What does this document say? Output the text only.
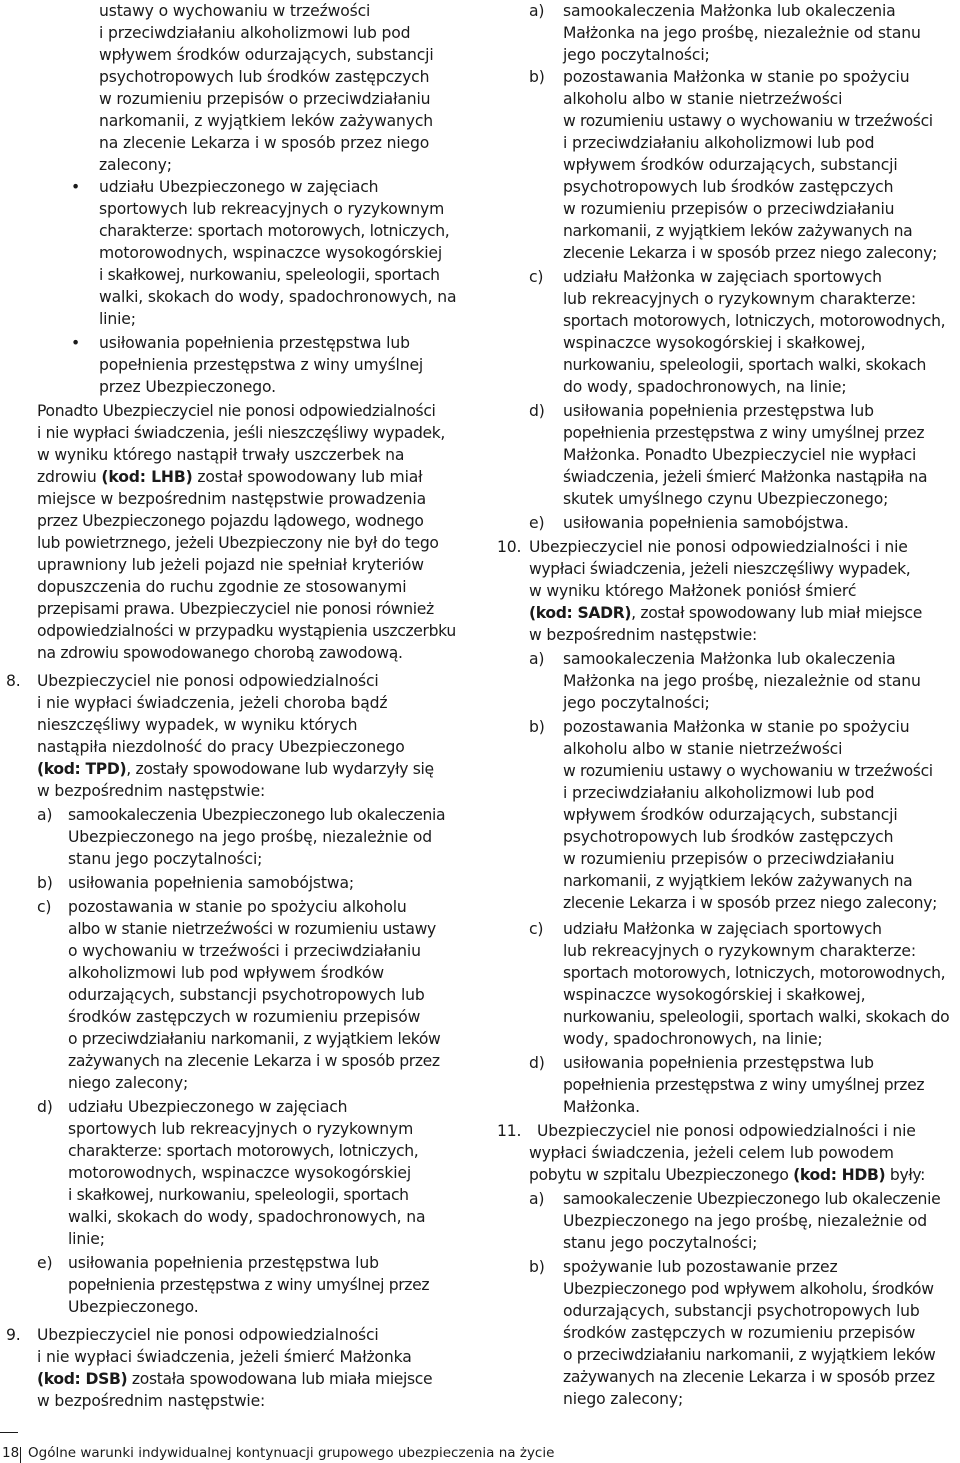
ustawy o wychowaniu w trzeźwości
i przeciwdziałaniu alkoholizmowi lub pod
wpływem środków odurzających, substancji
psychotropowych lub środków zastępczych
w rozumieniu przepisów o przeciwdziałaniu
narkomanii, z wyjątkiem leków zażywanych
na zlecenie Lekarza i w sposób przez niego
zalecony;
• udziału Ubezpieczonego w zajęciach
sportowych lub rekreacyjnych o ryzykownym
charakterze: sportach motorowych, lotniczych,
motorowodnych, wspinaczce wysokogórskiej
i skałkowej, nurkowaniu, speleologii, sportach
walki, skokach do wody, spadochronowych, na
linie;
• usiłowania popełnienia przestępstwa lub
popełnienia przestępstwa z winy umyślnej
przez Ubezpieczonego.
Ponadto Ubezpieczyciel nie ponosi odpowiedzialności
i nie wypłaci świadczenia, jeśli nieszczęśliwy wypadek,
w wyniku którego nastąpił trwały uszczerbek na
zdrowiu (kod: LHB) został spowodowany lub miał
miejsce w bezpośrednim następstwie prowadzenia
przez Ubezpieczonego pojazdu lądowego, wodnego
lub powietrznego, jeżeli Ubezpieczony nie był do tego
uprawniony lub jeżeli pojazd nie spełniał kryteriów
dopuszczenia do ruchu zgodnie ze stosowanymi
przepisami prawa. Ubezpieczyciel nie ponosi również
odpowiedzialności w przypadku wystąpienia uszczerbku
na zdrowiu spowodowanego chorobą zawodową.
8. Ubezpieczyciel nie ponosi odpowiedzialności
i nie wypłaci świadczenia, jeżeli choroba bądź
nieszczęśliwy wypadek, w wyniku których
nastąpiła niezdolność do pracy Ubezpieczonego
(kod: TPD), zostały spowodowane lub wydarzyły się
w bezpośrednim następstwie:
a) samookaleczenia Ubezpieczonego lub okaleczenia
Ubezpieczonego na jego prośbę, niezależnie od
stanu jego poczytalności;
b) usiłowania popełnienia samobójstwa;
c) pozostawania w stanie po spożyciu alkoholu
albo w stanie nietrzeźwości w rozumieniu ustawy
o wychowaniu w trzeźwości i przeciwdziałaniu
alkoholizmowi lub pod wpływem środków
odurzających, substancji psychotropowych lub
środków zastępczych w rozumieniu przepisów
o przeciwdziałaniu narkomanii, z wyjątkiem leków
zażywanych na zlecenie Lekarza i w sposób przez
niego zalecony;
d) udziału Ubezpieczonego w zajęciach
sportowych lub rekreacyjnych o ryzykownym
charakterze: sportach motorowych, lotniczych,
motorowodnych, wspinaczce wysokogórskiej
i skałkowej, nurkowaniu, speleologii, sportach
walki, skokach do wody, spadochronowych, na
linie;
e) usiłowania popełnienia przestępstwa lub
popełnienia przestępstwa z winy umyślnej przez
Ubezpieczonego.
9. Ubezpieczyciel nie ponosi odpowiedzialności
i nie wypłaci świadczenia, jeżeli śmierć Małżonka
(kod: DSB) została spowodowana lub miała miejsce
w bezpośrednim następstwie:
a) samookaleczenia Małżonka lub okaleczenia
Małżonka na jego prośbę, niezależnie od stanu
jego poczytalności;
b) pozostawania Małżonka w stanie po spożyciu
alkoholu albo w stanie nietrzeźwości
w rozumieniu ustawy o wychowaniu w trzeźwości
i przeciwdziałaniu alkoholizmowi lub pod
wpływem środków odurzających, substancji
psychotropowych lub środków zastępczych
w rozumieniu przepisów o przeciwdziałaniu
narkomanii, z wyjątkiem leków zażywanych na
zlecenie Lekarza i w sposób przez niego zalecony;
c) udziału Małżonka w zajęciach sportowych
lub rekreacyjnych o ryzykownym charakterze:
sportach motorowych, lotniczych, motorowodnych,
wspinaczce wysokogórskiej i skałkowej,
nurkowaniu, speleologii, sportach walki, skokach
do wody, spadochronowych, na linie;
d) usiłowania popełnienia przestępstwa lub
popełnienia przestępstwa z winy umyślnej przez
Małżonka. Ponadto Ubezpieczyciel nie wypłaci
świadczenia, jeżeli śmierć Małżonka nastąpiła na
skutek umyślnego czynu Ubezpieczonego;
e) usiłowania popełnienia samobójstwa.
10. Ubezpieczyciel nie ponosi odpowiedzialności i nie
wypłaci świadczenia, jeżeli nieszczęśliwy wypadek,
w wyniku którego Małżonek poniósł śmierć
(kod: SADR), został spowodowany lub miał miejsce
w bezpośrednim następstwie:
a) samookaleczenia Małżonka lub okaleczenia
Małżonka na jego prośbę, niezależnie od stanu
jego poczytalności;
b) pozostawania Małżonka w stanie po spożyciu
alkoholu albo w stanie nietrzeźwości
w rozumieniu ustawy o wychowaniu w trzeźwości
i przeciwdziałaniu alkoholizmowi lub pod
wpływem środków odurzających, substancji
psychotropowych lub środków zastępczych
w rozumieniu przepisów o przeciwdziałaniu
narkomanii, z wyjątkiem leków zażywanych na
zlecenie Lekarza i w sposób przez niego zalecony;
c) udziału Małżonka w zajęciach sportowych
lub rekreacyjnych o ryzykownym charakterze:
sportach motorowych, lotniczych, motorowodnych,
wspinaczce wysokogórskiej i skałkowej,
nurkowaniu, speleologii, sportach walki, skokach do
wody, spadochronowych, na linie;
d) usiłowania popełnienia przestępstwa lub
popełnienia przestępstwa z winy umyślnej przez
Małżonka.
11. Ubezpieczyciel nie ponosi odpowiedzialności i nie
wypłaci świadczenia, jeżeli celem lub powodem
pobytu w szpitalu Ubezpieczonego (kod: HDB) były:
a) samookaleczenie Ubezpieczonego lub okaleczenie
Ubezpieczonego na jego prośbę, niezależnie od
stanu jego poczytalności;
b) spożywanie lub pozostawanie przez
Ubezpieczonego pod wpływem alkoholu, środków
odurzających, substancji psychotropowych lub
środków zastępczych w rozumieniu przepisów
o przeciwdziałaniu narkomanii, z wyjątkiem leków
zażywanych na zlecenie Lekarza i w sposób przez
niego zalecony;
18 Ogólne warunki indywidualnej kontynuacji grupowego ubezpieczenia na życie
